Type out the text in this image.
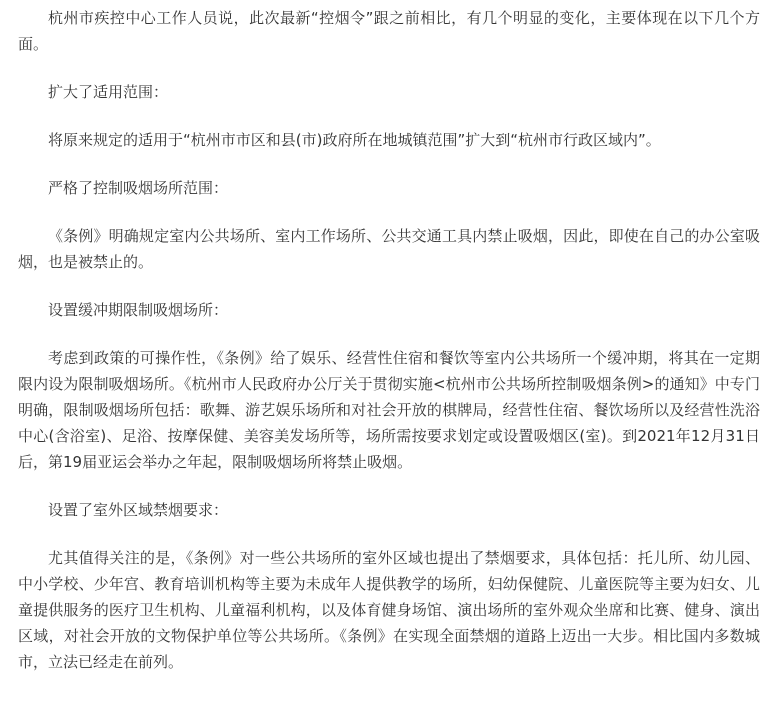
杭州市疾控中心工作人员说，此次最新“控烟令”跟之前相比，有几个明显的变化，主要体现在以下几个方面。

扩大了适用范围：

将原来规定的适用于“杭州市市区和县(市)政府所在地城镇范围”扩大到“杭州市行政区域内”。

严格了控制吸烟场所范围：

《条例》明确规定室内公共场所、室内工作场所、公共交通工具内禁止吸烟，因此，即使在自己的办公室吸烟，也是被禁止的。

设置缓冲期限制吸烟场所：

考虑到政策的可操作性，《条例》给了娱乐、经营性住宿和餐饮等室内公共场所一个缓冲期，将其在一定期限内设为限制吸烟场所。《杭州市人民政府办公厅关于贯彻实施<杭州市公共场所控制吸烟条例>的通知》中专门明确，限制吸烟场所包括：歌舞、游艺娱乐场所和对社会开放的棋牌局，经营性住宿、餐饮场所以及经营性洗浴中心(含浴室)、足浴、按摩保健、美容美发场所等，场所需按要求划定或设置吸烟区(室)。到2021年12月31日后，第19届亚运会举办之年起，限制吸烟场所将禁止吸烟。

设置了室外区域禁烟要求：

尤其值得关注的是，《条例》对一些公共场所的室外区域也提出了禁烟要求，具体包括：托儿所、幼儿园、中小学校、少年宫、教育培训机构等主要为未成年人提供教学的场所，妇幼保健院、儿童医院等主要为妇女、儿童提供服务的医疗卫生机构、儿童福利机构，以及体育健身场馆、演出场所的室外观众坐席和比赛、健身、演出区域，对社会开放的文物保护单位等公共场所。《条例》在实现全面禁烟的道路上迈出一大步。相比国内多数城市，立法已经走在前列。
